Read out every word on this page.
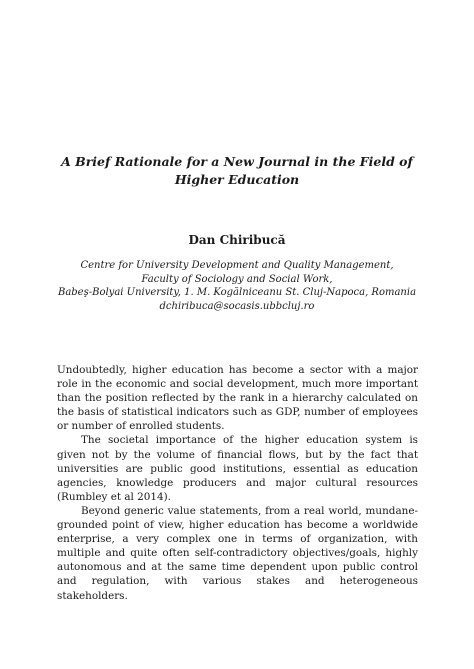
A Brief Rationale for a New Journal in the Field of Higher Education
Dan Chiribucă
Centre for University Development and Quality Management,
Faculty of Sociology and Social Work,
Babeş-Bolyai University, 1. M. Kogălniceanu St. Cluj-Napoca, Romania
dchiribuca@socasis.ubbcluj.ro

Undoubtedly, higher education has become a sector with a major role in the economic and social development, much more important than the position reflected by the rank in a hierarchy calculated on the basis of statistical indicators such as GDP, number of employees or number of enrolled students.

The societal importance of the higher education system is given not by the volume of financial flows, but by the fact that universities are public good institutions, essential as education agencies, knowledge producers and major cultural resources (Rumbley et al 2014).

Beyond generic value statements, from a real world, mundane-grounded point of view, higher education has become a worldwide enterprise, a very complex one in terms of organization, with multiple and quite often self-contradictory objectives/goals, highly autonomous and at the same time dependent upon public control and regulation, with various stakes and heterogeneous stakeholders.
